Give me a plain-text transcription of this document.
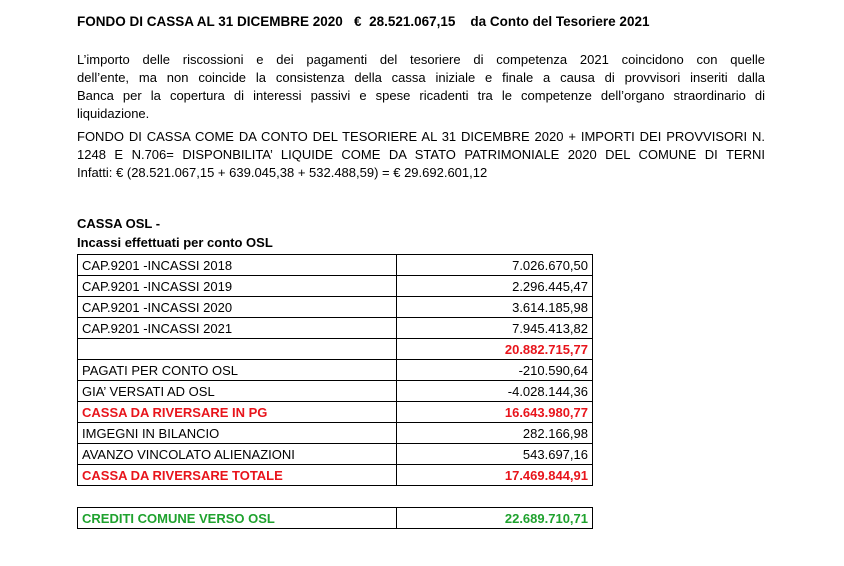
FONDO DI CASSA AL 31 DICEMBRE 2020   €  28.521.067,15    da Conto del Tesoriere 2021
L’importo delle riscossioni e dei pagamenti del tesoriere di competenza 2021 coincidono con quelle
dell’ente, ma non coincide la consistenza della cassa iniziale e finale a causa di provvisori inseriti dalla
Banca per la copertura di interessi passivi e spese ricadenti tra le competenze dell’organo straordinario di
liquidazione.
FONDO DI CASSA COME DA CONTO DEL TESORIERE AL 31 DICEMBRE 2020 + IMPORTI DEI PROVVISORI N.
1248 E N.706= DISPONBILITA’ LIQUIDE COME DA STATO PATRIMONIALE 2020 DEL COMUNE DI TERNI
Infatti: € (28.521.067,15 + 639.045,38 + 532.488,59) = € 29.692.601,12
CASSA OSL -
Incassi effettuati per conto OSL
CAP.9201 -INCASSI 2018	7.026.670,50
CAP.9201 -INCASSI 2019	2.296.445,47
CAP.9201 -INCASSI 2020	3.614.185,98
CAP.9201 -INCASSI 2021	7.945.413,82
	20.882.715,77
PAGATI PER CONTO OSL	-210.590,64
GIA’ VERSATI AD OSL	-4.028.144,36
CASSA DA RIVERSARE IN PG	16.643.980,77
IMGEGNI IN BILANCIO	282.166,98
AVANZO VINCOLATO ALIENAZIONI	543.697,16
CASSA DA RIVERSARE TOTALE	17.469.844,91
CREDITI COMUNE VERSO OSL	22.689.710,71
